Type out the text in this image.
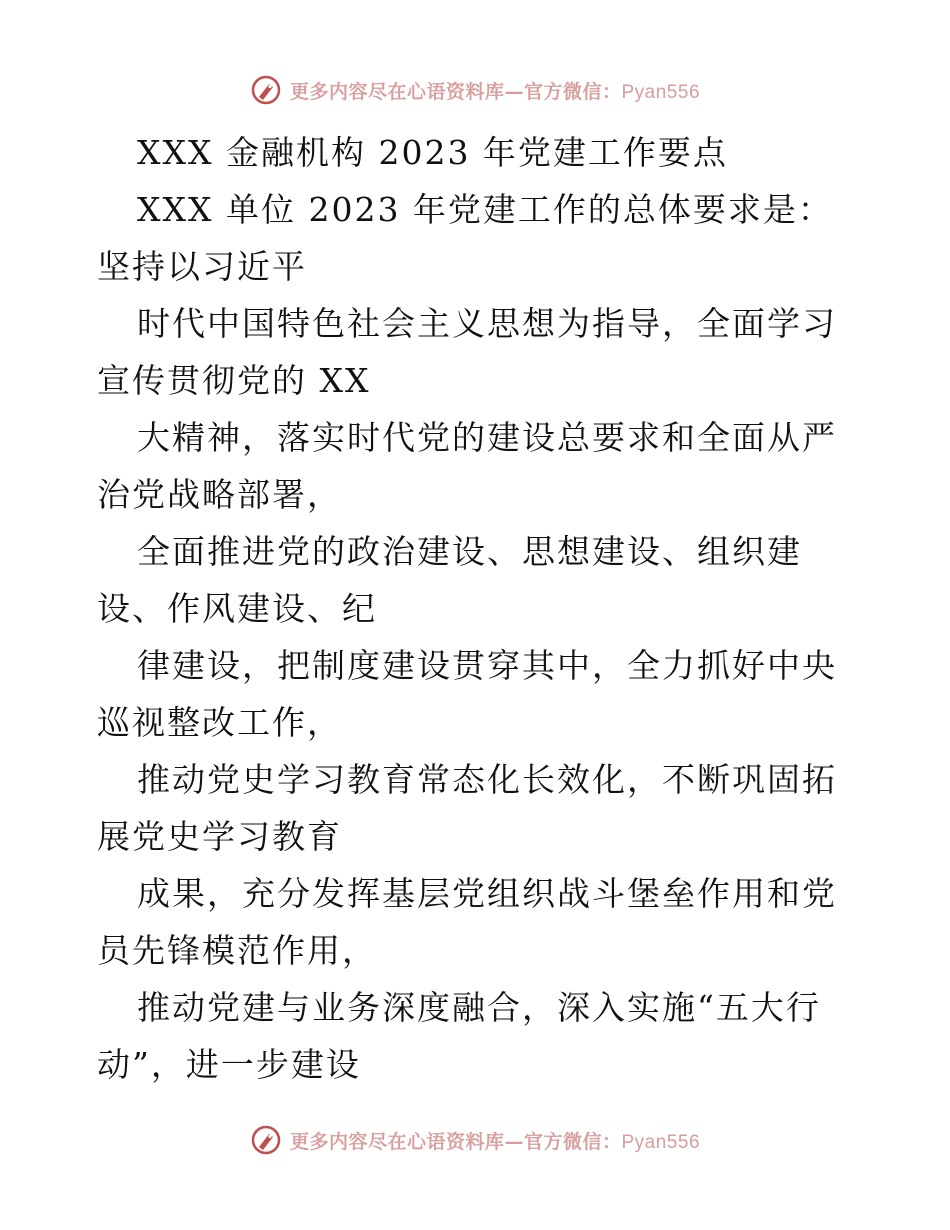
更多内容尽在心语资料库—官方微信：Pyan556

XXX 金融机构 2023 年党建工作要点

XXX 单位 2023 年党建工作的总体要求是：坚持以习近平

时代中国特色社会主义思想为指导，全面学习宣传贯彻党的 XX

大精神，落实时代党的建设总要求和全面从严治党战略部署，

全面推进党的政治建设、思想建设、组织建设、作风建设、纪

律建设，把制度建设贯穿其中，全力抓好中央巡视整改工作，

推动党史学习教育常态化长效化，不断巩固拓展党史学习教育

成果，充分发挥基层党组织战斗堡垒作用和党员先锋模范作用，

推动党建与业务深度融合，深入实施“五大行动”，进一步建设

更多内容尽在心语资料库—官方微信：Pyan556
